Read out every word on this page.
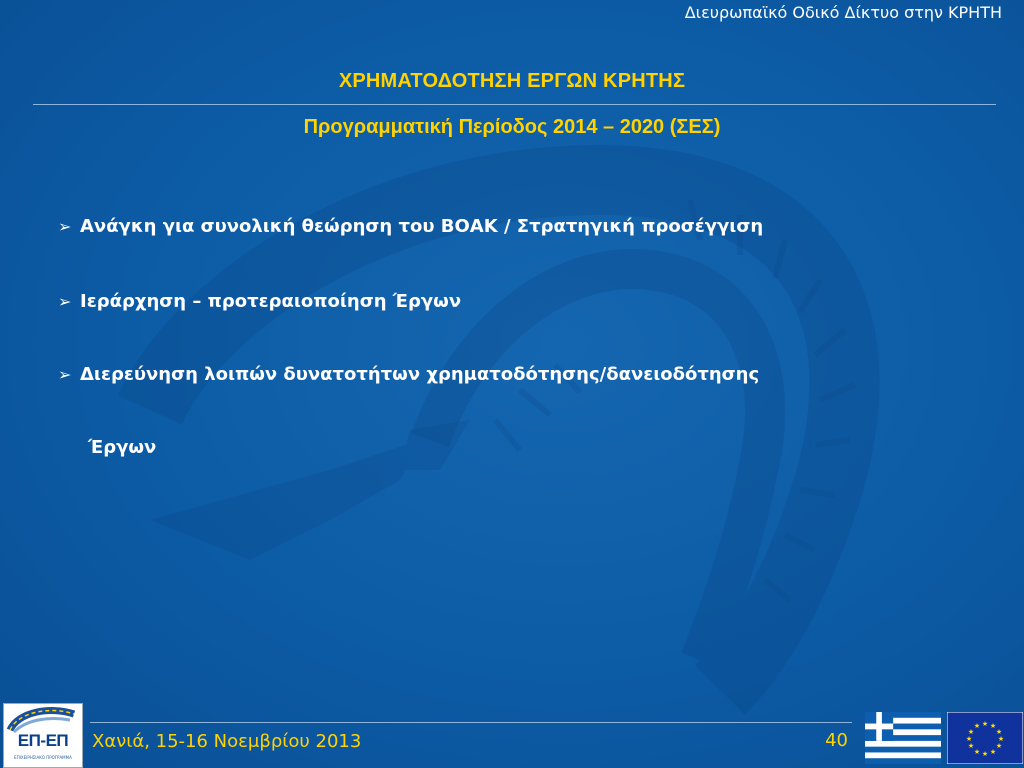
Διευρωπαϊκό Οδικό Δίκτυο στην ΚΡΗΤΗ
ΧΡΗΜΑΤΟΔΟΤΗΣΗ ΕΡΓΩΝ ΚΡΗΤΗΣ
Προγραμματική Περίοδος 2014 – 2020 (ΣΕΣ)
➢ Ανάγκη για συνολική θεώρηση του ΒΟΑΚ / Στρατηγική προσέγγιση
➢ Ιεράρχηση – προτεραιοποίηση Έργων
➢ Διερεύνηση λοιπών δυνατοτήτων χρηματοδότησης/δανειοδότησης
Έργων
ΕΠ-ΕΠ
ΕΠΙΧΕΙΡΗΣΙΑΚΟ ΠΡΟΓΡΑΜΜΑ
Χανιά, 15-16 Νοεμβρίου 2013	40
★ ★
★
★
★
★
★
★
★
★
★
★
